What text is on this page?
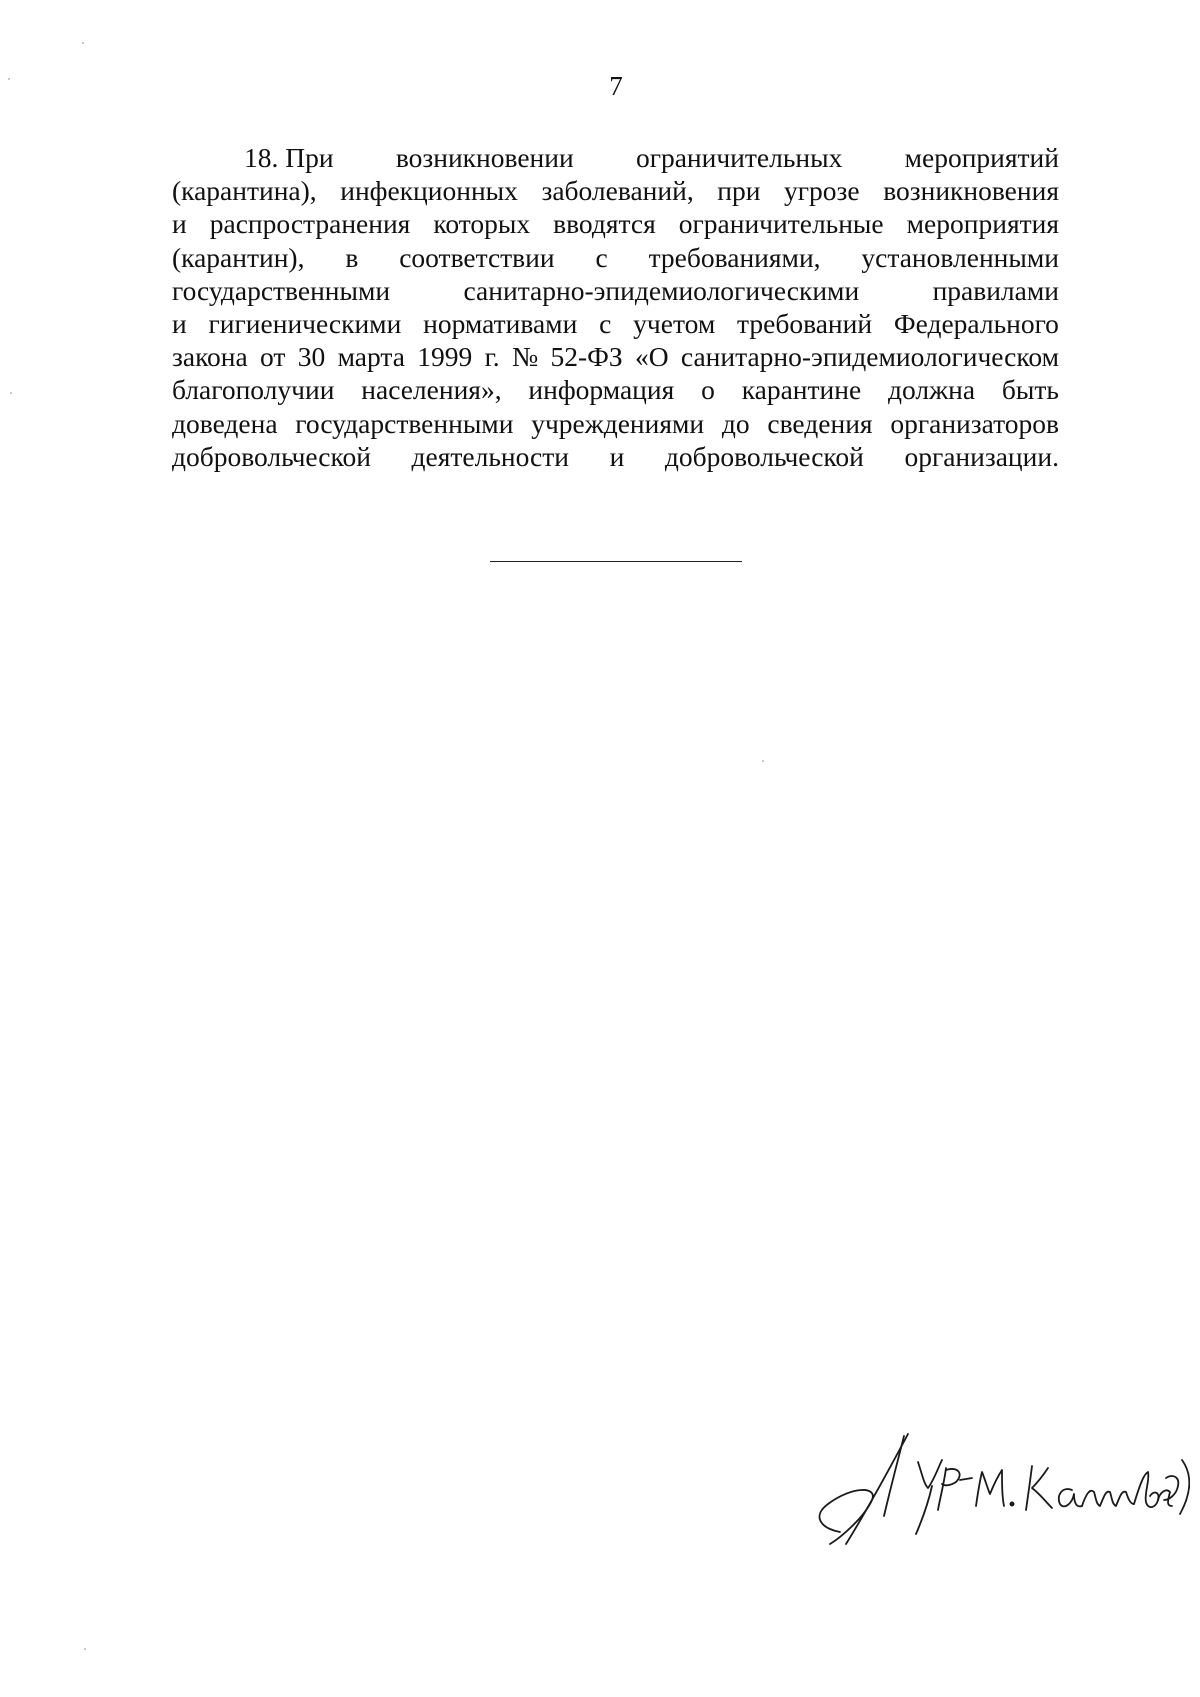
7
18. При возникновении ограничительных мероприятий
(карантина), инфекционных заболеваний, при угрозе возникновения
и распространения которых вводятся ограничительные мероприятия
(карантин), в соответствии с требованиями, установленными
государственными	санитарно-эпидемиологическими	правилами
и гигиеническими нормативами с учетом требований Федерального
закона от 30 марта 1999 г. № 52-ФЗ «О санитарно-эпидемиологическом
благополучии населения», информация о карантине должна быть
доведена государственными учреждениями до сведения организаторов
добровольческой деятельности и добровольческой организации.
